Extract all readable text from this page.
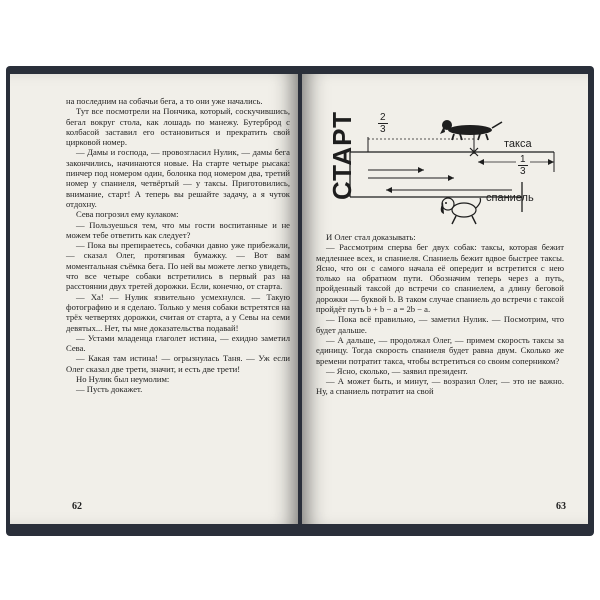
на последним на собачьи бега, а то они уже начались.

Тут все посмотрели на Пончика, который, соскучившись, бегал вокруг стола, как лошадь по манежу. Бутерброд с колбасой заставил его остановиться и прекратить свой цирковой номер.

— Дамы и господа, — провозгласил Нулик, — дамы бега закончились, начинаются новые. На старте четыре рысака: пинчер под номером один, болонка под номером два, третий номер у спаниеля, четвёртый — у таксы. Приготовились, внимание, старт! А теперь вы решайте задачу, а я чуток отдохну.

Сева погрозил ему кулаком:

— Пользуешься тем, что мы гости воспитанные и не можем тебе ответить как следует?

— Пока вы препираетесь, собачки давно уже прибежали, — сказал Олег, протягивая бумажку. — Вот вам моментальная съёмка бега. По ней вы можете легко увидеть, что все четыре собаки встретились в первый раз на расстоянии двух третей дорожки. Если, конечно, от старта.

— Ха! — Нулик язвительно усмехнулся. — Такую фотографию и я сделаю. Только у меня собаки встретятся на трёх четвертях дорожки, считая от старта, а у Севы на семи девятых... Нет, ты мне доказательства подавай!

— Устами младенца глаголет истина, — ехидно заметил Сева.

— Какая там истина! — огрызнулась Таня. — Уж если Олег сказал две трети, значит, и есть две трети!

Но Нулик был неумолим:

— Пусть докажет.

62
СТАРТ	такса
спаниель
$\frac{2}{3}$
$\frac{1}{3}$

И Олег стал доказывать:

— Рассмотрим сперва бег двух собак: таксы, которая бежит медленнее всех, и спаниеля. Спаниель бежит вдвое быстрее таксы. Ясно, что он с самого начала её опередит и встретится с нею только на обратном пути. Обозначим теперь через а путь, пройденный таксой до встречи со спаниелем, а длину беговой дорожки — буквой b. В таком случае спаниель до встречи с таксой пройдёт путь b + b − а = 2b − а.

— Пока всё правильно, — заметил Нулик. — Посмотрим, что будет дальше.

— А дальше, — продолжал Олег, — примем скорость таксы за единицу. Тогда скорость спаниеля будет равна двум. Сколько же времени потратит такса, чтобы встретиться со своим соперником?

— Ясно, сколько, — заявил президент.

— А может быть, и минут, — возразил Олег, — это не важно. Ну, а спаниель потратит на свой

63
